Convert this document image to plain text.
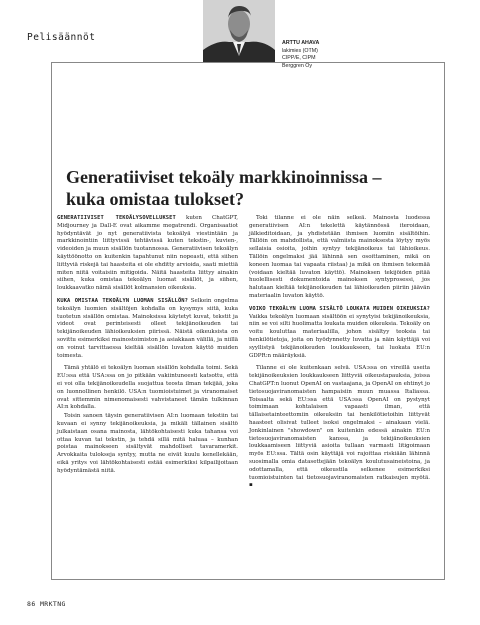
Pelisäännöt	ARTTU AHAVA
lakimies (OTM)
CIPP/E, CIPM
Berggren Oy
Generatiiviset tekoäly markkinoinnissa – kuka omistaa tulokset?

GENERATIIVISET TEKOÄLYSOVELLUKSET kuten ChatGPT, Midjourney ja Dall-E ovat aikamme megatrendi. Organisaatiot hyödyntävät jo nyt generatiivista tekoälyä viestintään ja markkinointiin liittyvissä tehtävissä kuten tekstin-, kuvien-, videoiden ja muun sisällön tuotannossa. Generatiivisen tekoälyn käyttöönotto on kuitenkin tapahtunut niin nopeasti, että siihen liittyviä riskejä tai haasteita ei ole ehditty arvioida, saati miettiä miten niitä voitaisiin mitigoida. Näitä haasteita liittyy ainakin siihen, kuka omistaa tekoälyn luomat sisällöt, ja siihen, loukkaavatko nämä sisällöt kolmansien oikeuksia.

KUKA OMISTAA TEKOÄLYN LUOMAN SISÄLLÖN? Selkein ongelma tekoälyn luomien sisältöjen kohdalla on kysymys siitä, kuka tuotetun sisällön omistaa. Mainoksissa käytetyt kuvat, tekstit ja videot ovat perinteisesti olleet tekijänoikeuden tai tekijänoikeuden lähioikeuksien piirissä. Näistä oikeuksista on sovittu esimerkiksi mainostoimiston ja asiakkaan välillä, ja niillä on voinut tarvittaessa kieltää sisällön luvaton käyttö muiden toimesta.

Tämä yhtälö ei tekoälyn luoman sisällön kohdalla toimi. Sekä EU:ssa että USA:ssa on jo pitkään vakiintuneesti katsottu, että ei voi olla tekijänoikeudella suojattua teosta ilman tekijää, joka on luonnollinen henkilö. USA:n tuomioistuimet ja viranomaiset ovat sittemmin nimenomaisesti vahvistaneet tämän tulkinnan AI:n kohdalla.

Toisin sanoen täysin generatiivisen AI:n luomaan tekstiin tai kuvaan ei synny tekijänoikeuksia, ja mikäli tällainen sisältö julkaistaan osana mainosta, lähtökohtaisesti kuka tahansa voi ottaa kuvan tai tekstin, ja tehdä sillä mitä haluaa – kunhan poistaa mainokseen sisältyvät mahdolliset tavaramerkit. Arvokkaita tulokseja syntyy, mutta ne eivät kuulu kenellekään, eikä yritys voi lähtökohtaisesti estää esimerkiksi kilpailijoitaan hyödyntämästä niitä.

Toki tilanne ei ole näin selkeä. Mainosta luodessa generatiivisen AI:n tekelettä käytännössä iteroidaan, jälkieditoidaan, ja yhdistetään ihmisen luomiin sisältöihin. Tällöin on mahdollista, että valmiista mainoksesta löytyy myös sellaisia osioita, joihin syntyy tekijänoikeus tai lähioikeus. Tällöin ongelmaksi jää lähinnä sen osoittaminen, mikä on koneen luomaa tai vapaata riistaa) ja mikä on ihmisen tekemää (voidaan kieltää luvaton käyttö). Mainoksen tekijöiden pitää huolellisesti dokumentoida mainoksen syntyprosessi, jos halutaan kieltää tekijänoikeuden tai lähioikeuden piiriin jäävän materiaalin luvaton käyttö.

VOIKO TEKOÄLYN LUOMA SISÄLTÖ LOUKATA MUIDEN OIKEUKSIA? Vaikka tekoälyn luomaan sisältöön ei synytyisi tekijänoikeuksia, niin se voi silti huolimatta loukata muiden oikeuksia. Tekoäly on voitu kouluttaa materiaalilla, johon sisältyy teoksia tai henkilötietoja, joita on hyödynnetty luvatta ja näin käyttäjä voi syyllistyä tekijänoikeuden loukkaukseen, tai luokata EU:n GDPR:n määräyksiä.

Tilanne ei ole kuitenkaan selvä. USA:ssa on vireillä useita tekijänoikeuksien loukkaukseen liittyviä oikeustapauksia, joissa ChatGPT:n luonut OpenAI on vastaajana, ja OpenAI on ehtinyt jo tietosuojaviranomaisten hampaisiin muun muassa Italiassa. Toisaalta sekä EU:ssa että USA:ssa OpenAI on pystynyt toimimaan kohtalaisen vapaasti ilman, että tällaisetainteettomiin oikeuksiin tai henkilötietoihin liittyvät haasteet olisivat tulleet isoksi ongelmaksi – ainakaan vielä. Jonkinlainen "showdown" on kuitenkin edessä ainakin EU:n tietosuojaviranomaisten kanssa, ja tekijänoikeuksien loukkaamiseen liittyviä asioita tullaan varmasti litigoimaan myös EU:ssa. Tältä osin käyttäjä voi rajoittaa riskiään lähinnä suosimalla omia datasettejään tekoälyn koulutusaineistoina, ja odottamalla, että oikeustila selkenee esimerkiksi tuomioistuinten tai tietosuojaviranomaisten ratkaisujen myötä. ▪

86 MRKTNG
